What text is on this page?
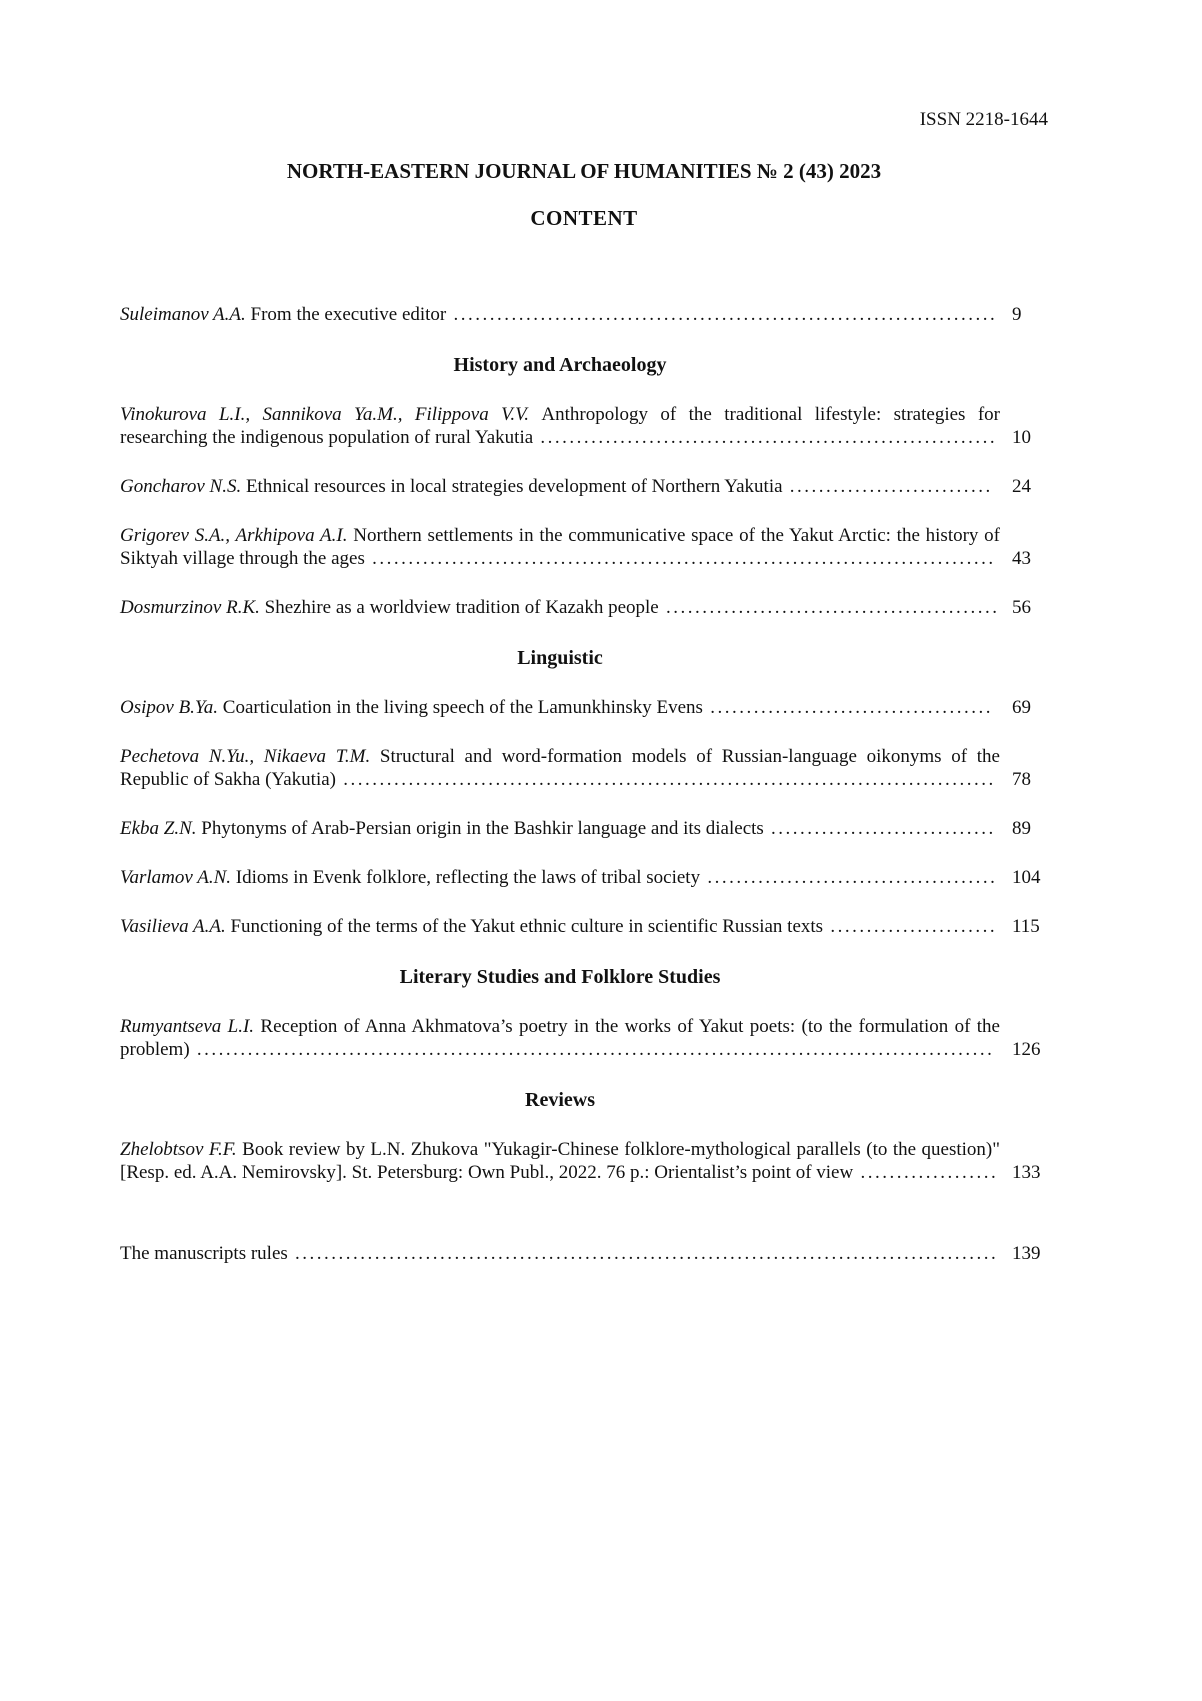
ISSN 2218-1644
NORTH-EASTERN JOURNAL OF HUMANITIES № 2 (43) 2023
CONTENT
Suleimanov A.A. From the executive editor ........................................................................... 9
History and Archaeology
Vinokurova L.I., Sannikova Ya.M., Filippova V.V. Anthropology of the traditional lifestyle: strategies for researching the indigenous population of rural Yakutia ............................................................... 10
Goncharov N.S. Ethnical resources in local strategies development of Northern Yakutia ............................	24
Grigorev S.A., Arkhipova A.I. Northern settlements in the communicative space of the Yakut Arctic: the history of Siktyah village through the ages ...................................................................................... 43
Dosmurzinov R.K. Shezhire as a worldview tradition of Kazakh people .............................................. 56
Linguistic
Osipov B.Ya. Coarticulation in the living speech of the Lamunkhinsky Evens .......................................	69
Pechetova N.Yu., Nikaeva T.M. Structural and word-formation models of Russian-language oikonyms of the Republic of Sakha (Yakutia) .......................................................................................... 78
Ekba Z.N. Phytonyms of Arab-Persian origin in the Bashkir language and its dialects ............................... 89
Varlamov A.N. Idioms in Evenk folklore, reflecting the laws of tribal society ........................................ 104
Vasilieva A.A. Functioning of the terms of the Yakut ethnic culture in scientific Russian texts ....................... 115
Literary Studies and Folklore Studies
Rumyantseva L.I. Reception of Anna Akhmatova’s poetry in the works of Yakut poets: (to the formulation of the problem) .............................................................................................................. 126
Reviews
Zhelobtsov F.F. Book review by L.N. Zhukova "Yukagir-Chinese folklore-mythological parallels (to the question)" [Resp. ed. A.A. Nemirovsky]. St. Petersburg: Own Publ., 2022. 76 p.: Orientalist’s point of view ................... 133
The manuscripts rules ................................................................................................. 139
